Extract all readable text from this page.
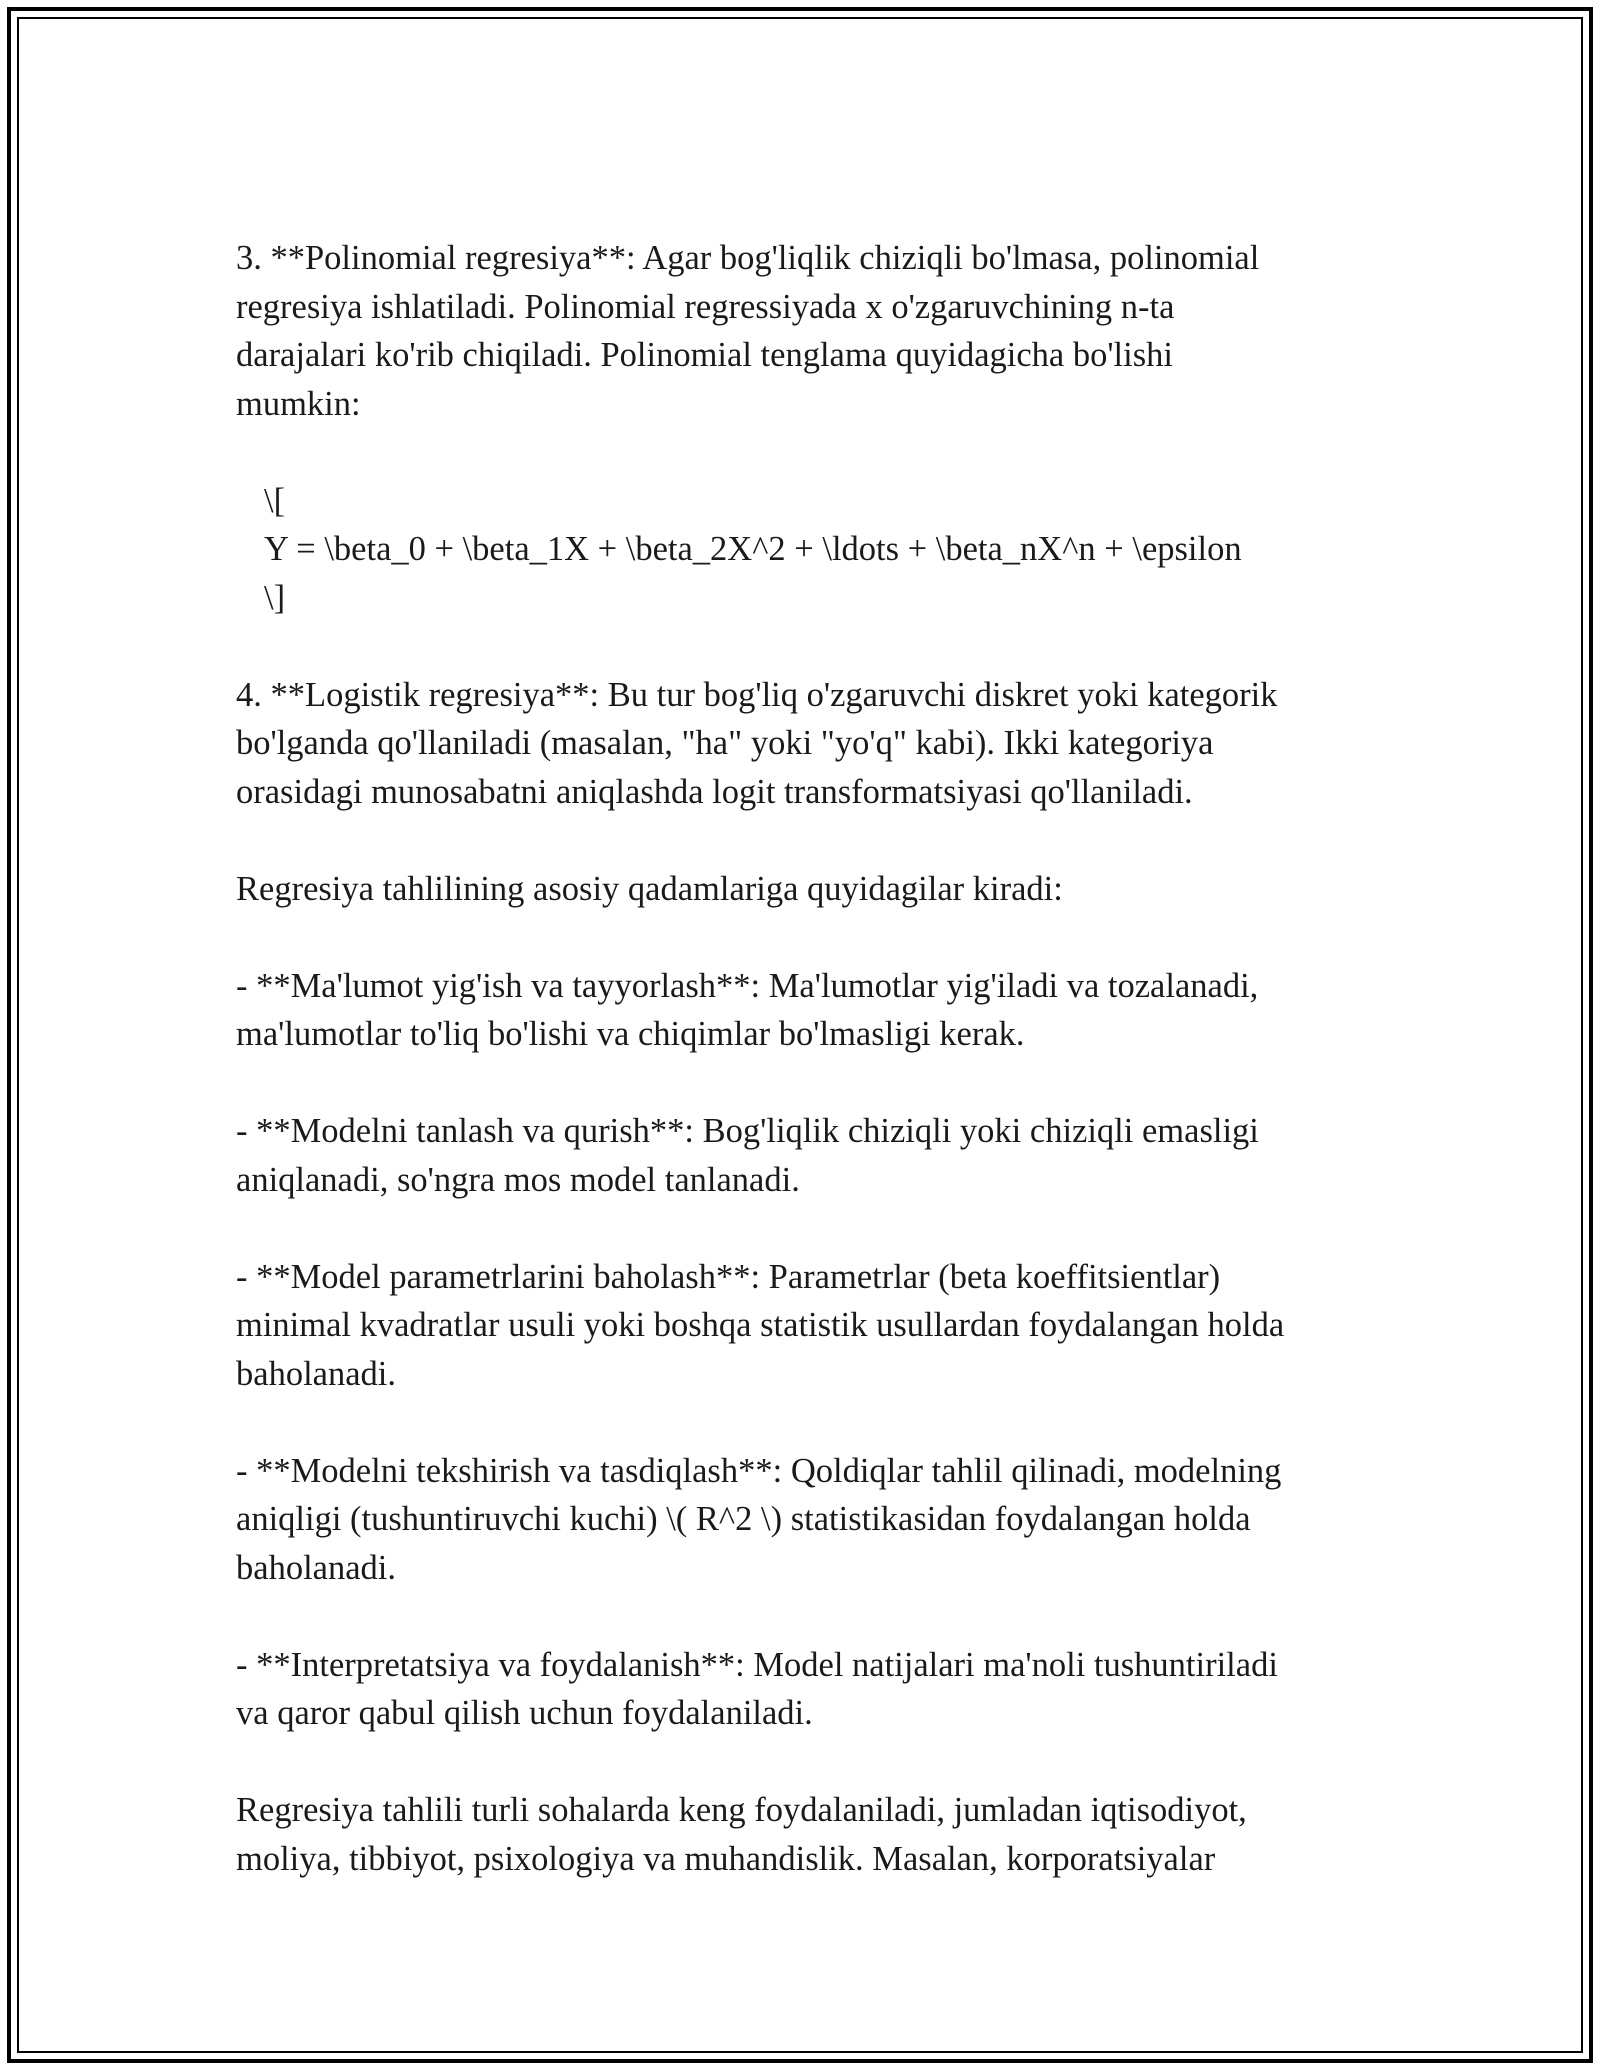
3. **Polinomial regresiya**: Agar bog'liqlik chiziqli bo'lmasa, polinomial
regresiya ishlatiladi. Polinomial regressiyada x o'zgaruvchining n-ta
darajalari ko'rib chiqiladi. Polinomial tenglama quyidagicha bo'lishi
mumkin:

\[
Y = \beta_0 + \beta_1X + \beta_2X^2 + \ldots + \beta_nX^n + \epsilon
\]

4. **Logistik regresiya**: Bu tur bog'liq o'zgaruvchi diskret yoki kategorik
bo'lganda qo'llaniladi (masalan, "ha" yoki "yo'q" kabi). Ikki kategoriya
orasidagi munosabatni aniqlashda logit transformatsiyasi qo'llaniladi.

Regresiya tahlilining asosiy qadamlariga quyidagilar kiradi:

- **Ma'lumot yig'ish va tayyorlash**: Ma'lumotlar yig'iladi va tozalanadi,
ma'lumotlar to'liq bo'lishi va chiqimlar bo'lmasligi kerak.

- **Modelni tanlash va qurish**: Bog'liqlik chiziqli yoki chiziqli emasligi
aniqlanadi, so'ngra mos model tanlanadi.

- **Model parametrlarini baholash**: Parametrlar (beta koeffitsientlar)
minimal kvadratlar usuli yoki boshqa statistik usullardan foydalangan holda
baholanadi.

- **Modelni tekshirish va tasdiqlash**: Qoldiqlar tahlil qilinadi, modelning
aniqligi (tushuntiruvchi kuchi) \( R^2 \) statistikasidan foydalangan holda
baholanadi.

- **Interpretatsiya va foydalanish**: Model natijalari ma'noli tushuntiriladi
va qaror qabul qilish uchun foydalaniladi.

Regresiya tahlili turli sohalarda keng foydalaniladi, jumladan iqtisodiyot,
moliya, tibbiyot, psixologiya va muhandislik. Masalan, korporatsiyalar
